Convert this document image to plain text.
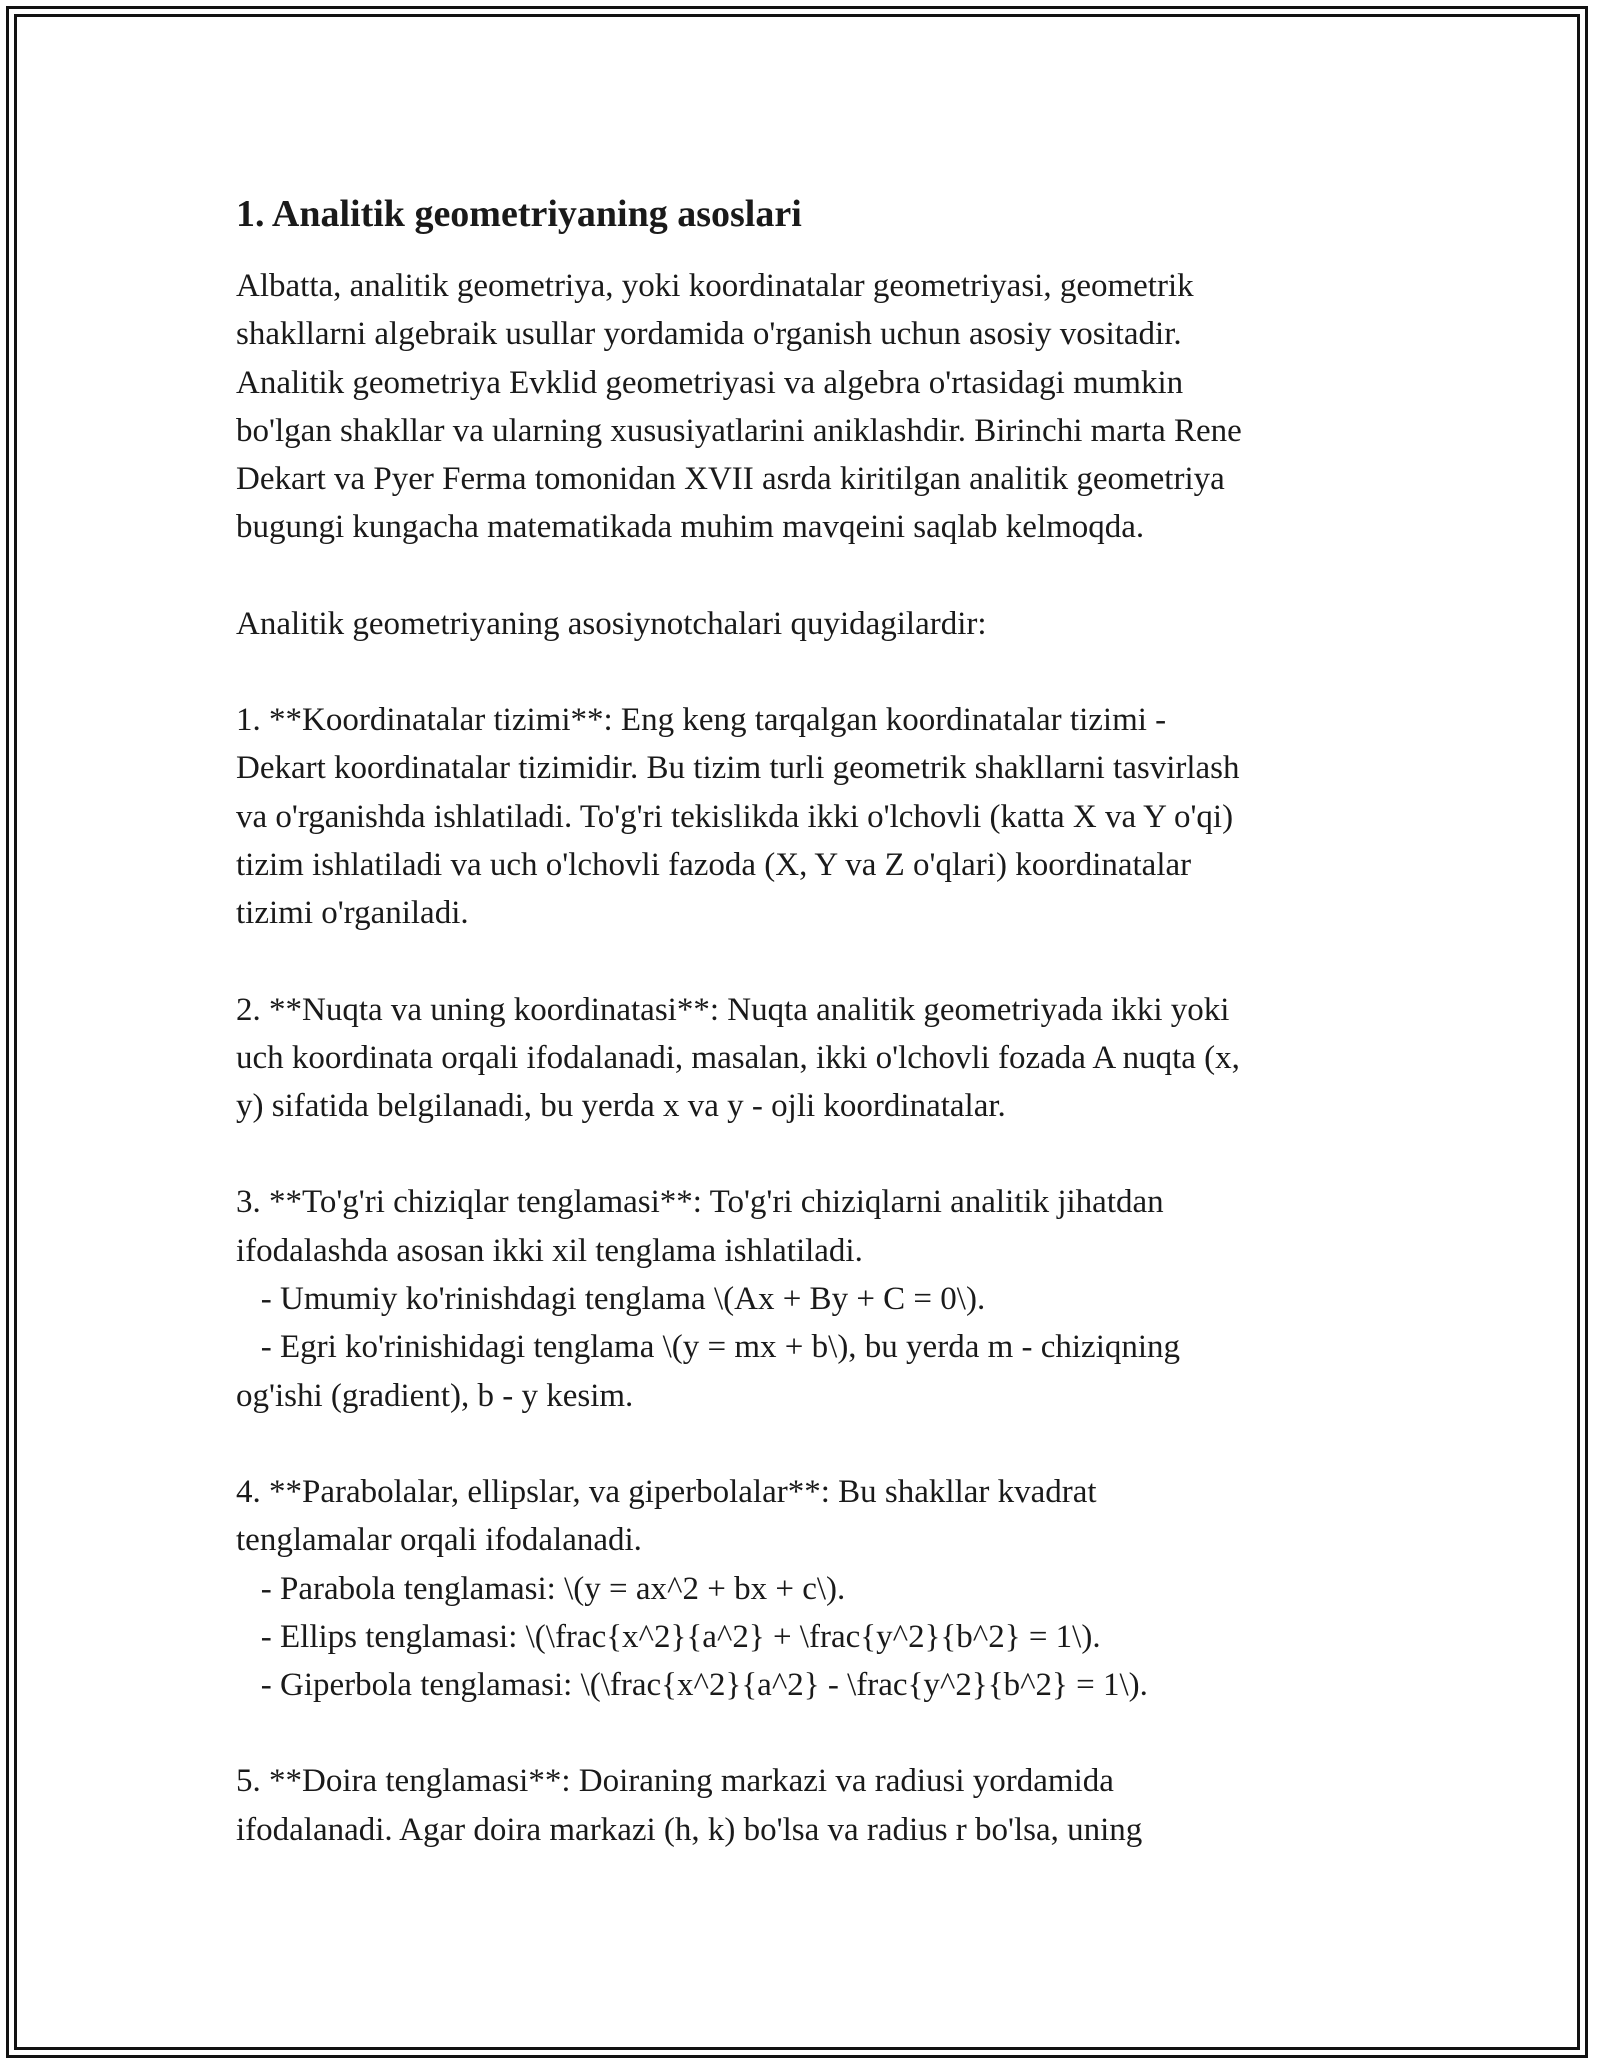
1. Analitik geometriyaning asoslari

Albatta, analitik geometriya, yoki koordinatalar geometriyasi, geometrik
shakllarni algebraik usullar yordamida o'rganish uchun asosiy vositadir.
Analitik geometriya Evklid geometriyasi va algebra o'rtasidagi mumkin
bo'lgan shakllar va ularning xususiyatlarini aniklashdir. Birinchi marta Rene
Dekart va Pyer Ferma tomonidan XVII asrda kiritilgan analitik geometriya
bugungi kungacha matematikada muhim mavqeini saqlab kelmoqda.

Analitik geometriyaning asosiynotchalari quyidagilardir:

1. **Koordinatalar tizimi**: Eng keng tarqalgan koordinatalar tizimi -
Dekart koordinatalar tizimidir. Bu tizim turli geometrik shakllarni tasvirlash
va o'rganishda ishlatiladi. To'g'ri tekislikda ikki o'lchovli (katta X va Y o'qi)
tizim ishlatiladi va uch o'lchovli fazoda (X, Y va Z o'qlari) koordinatalar
tizimi o'rganiladi.

2. **Nuqta va uning koordinatasi**: Nuqta analitik geometriyada ikki yoki
uch koordinata orqali ifodalanadi, masalan, ikki o'lchovli fozada A nuqta (x,
y) sifatida belgilanadi, bu yerda x va y - ojli koordinatalar.

3. **To'g'ri chiziqlar tenglamasi**: To'g'ri chiziqlarni analitik jihatdan
ifodalashda asosan ikki xil tenglama ishlatiladi.
- Umumiy ko'rinishdagi tenglama \(Ax + By + C = 0\).
- Egri ko'rinishidagi tenglama \(y = mx + b\), bu yerda m - chiziqning
og'ishi (gradient), b - y kesim.

4. **Parabolalar, ellipslar, va giperbolalar**: Bu shakllar kvadrat
tenglamalar orqali ifodalanadi.
- Parabola tenglamasi: \(y = ax^2 + bx + c\).
- Ellips tenglamasi: \(\frac{x^2}{a^2} + \frac{y^2}{b^2} = 1\).
- Giperbola tenglamasi: \(\frac{x^2}{a^2} - \frac{y^2}{b^2} = 1\).

5. **Doira tenglamasi**: Doiraning markazi va radiusi yordamida
ifodalanadi. Agar doira markazi (h, k) bo'lsa va radius r bo'lsa, uning
